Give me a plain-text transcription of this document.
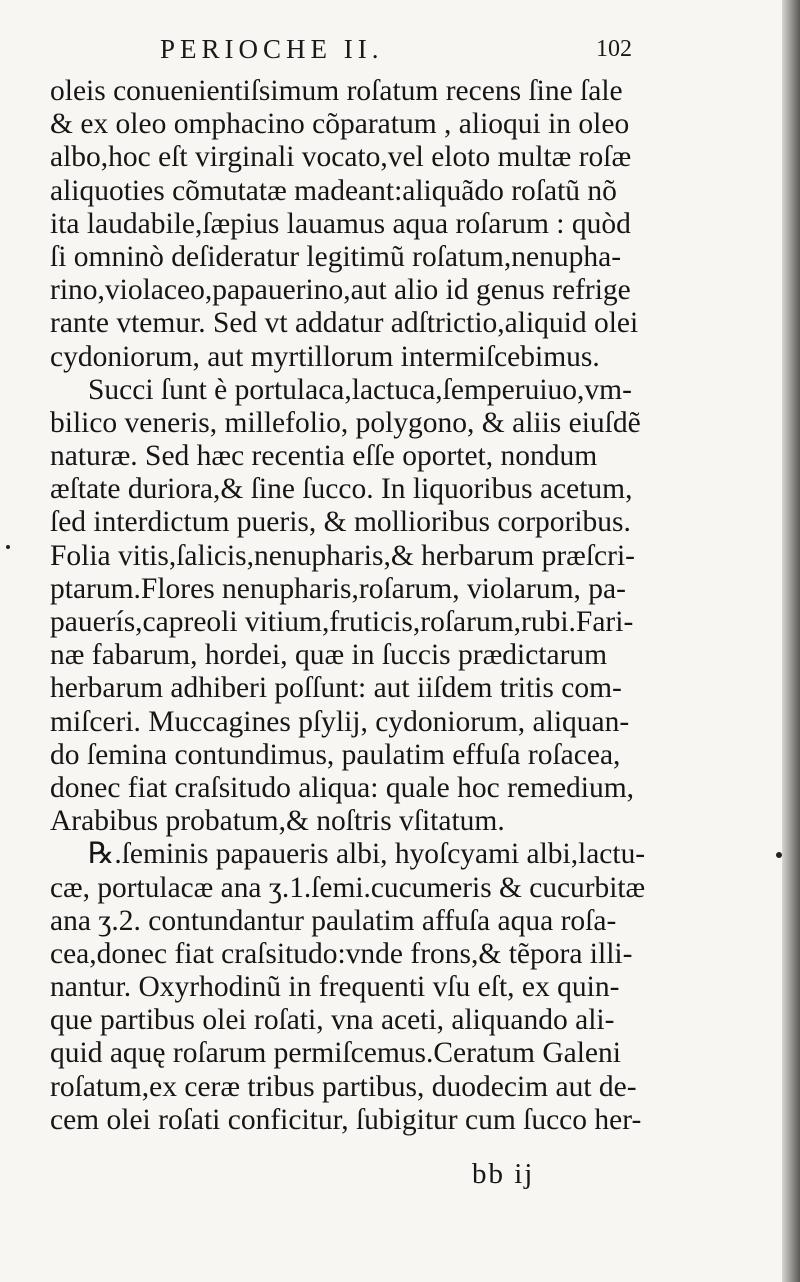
PERIOCHE II.	102
oleis conuenientiſsimum roſatum recens ſine ſale
& ex oleo omphacino cõparatum , alioqui in oleo
albo,hoc eſt virginali vocato,vel eloto multæ roſæ
aliquoties cõmutatæ madeant:aliquãdo roſatũ nõ
ita laudabile,ſæpius lauamus aqua roſarum : quòd
ſi omninò deſideratur legitimũ roſatum,nenupha-
rino,violaceo,papauerino,aut alio id genus refrige
rante vtemur. Sed vt addatur adſtrictio,aliquid olei
cydoniorum, aut myrtillorum intermiſcebimus.
Succi ſunt è portulaca,lactuca,ſemperuiuo,vm-
bilico veneris, millefolio, polygono, & aliis eiuſdẽ
naturæ. Sed hæc recentia eſſe oportet, nondum
æſtate duriora,& ſine ſucco. In liquoribus acetum,
ſed interdictum pueris, & mollioribus corporibus.
Folia vitis,ſalicis,nenupharis,& herbarum præſcri-
ptarum.Flores nenupharis,roſarum, violarum, pa-
pauerís,capreoli vitium,fruticis,roſarum,rubi.Fari-
næ fabarum, hordei, quæ in ſuccis prædictarum
herbarum adhiberi poſſunt: aut iiſdem tritis com-
miſceri. Muccagines pſylij, cydoniorum, aliquan-
do ſemina contundimus, paulatim effuſa roſacea,
donec fiat craſsitudo aliqua: quale hoc remedium,
Arabibus probatum,& noſtris vſitatum.
℞.ſeminis papaueris albi, hyoſcyami albi,lactu-
cæ, portulacæ ana ʒ.1.ſemi.cucumeris & cucurbitæ
ana ʒ.2. contundantur paulatim affuſa aqua roſa-
cea,donec fiat craſsitudo:vnde frons,& tẽpora illi-
nantur. Oxyrhodinũ in frequenti vſu eſt, ex quin-
que partibus olei roſati, vna aceti, aliquando ali-
quid aquę roſarum permiſcemus.Ceratum Galeni
roſatum,ex ceræ tribus partibus, duodecim aut de-
cem olei roſati conficitur, ſubigitur cum ſucco her-
bb ij
